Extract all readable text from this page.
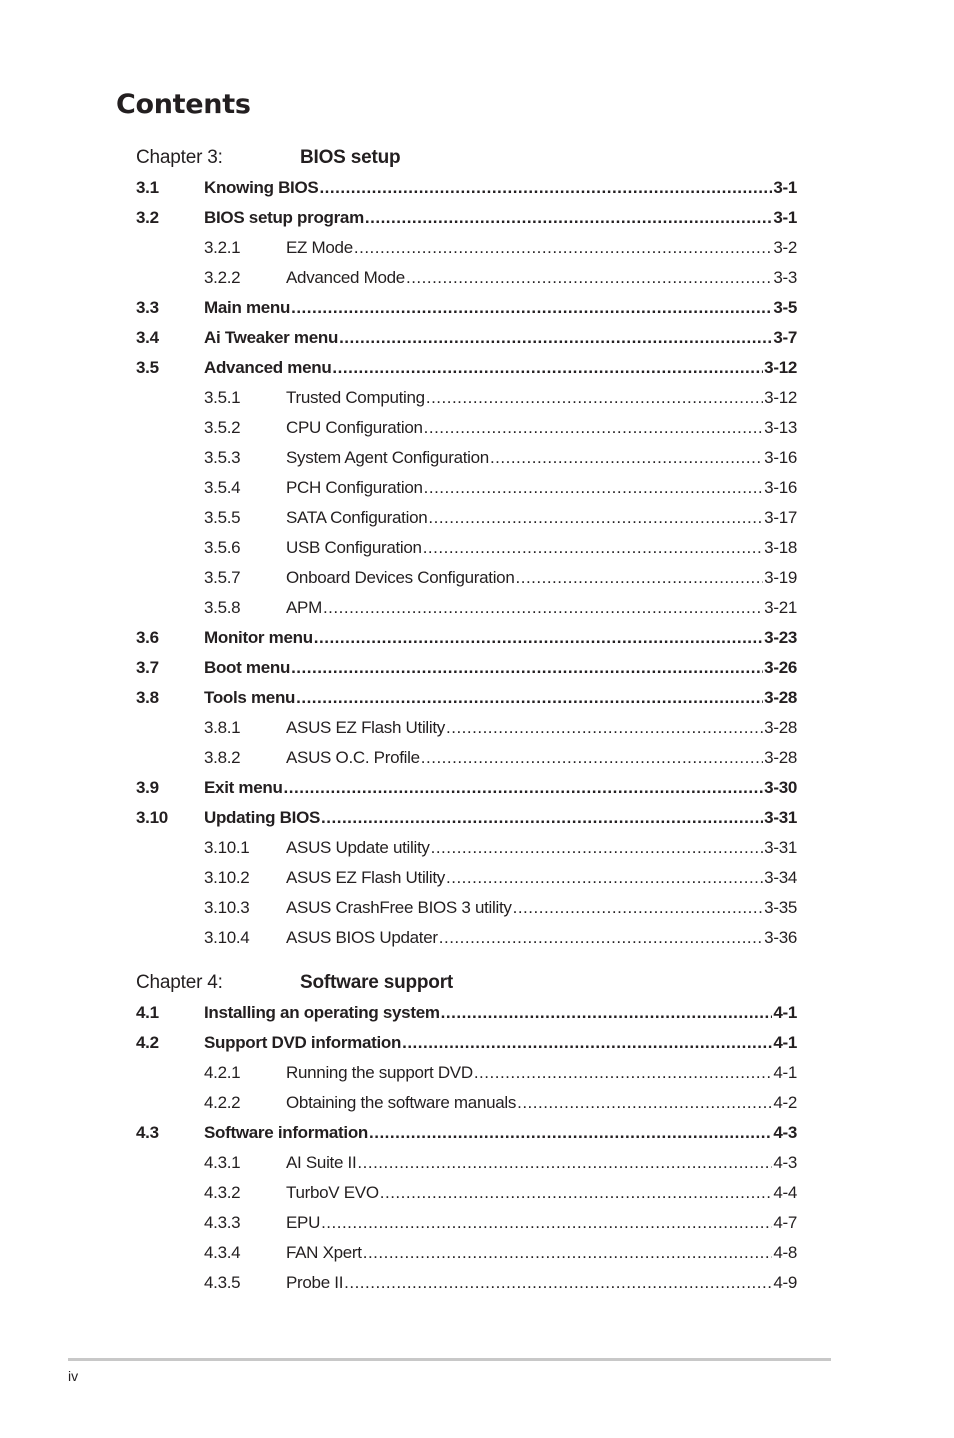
Contents
Chapter 3:	BIOS setup
3.1	Knowing BIOS .....	3-1
3.2	BIOS setup program .....	3-1
3.2.1	EZ Mode .....	3-2
3.2.2	Advanced Mode .....	3-3
3.3	Main menu .....	3-5
3.4	Ai Tweaker menu .....	3-7
3.5	Advanced menu .....	3-12
3.5.1	Trusted Computing .....	3-12
3.5.2	CPU Configuration .....	3-13
3.5.3	System Agent Configuration .....	3-16
3.5.4	PCH Configuration .....	3-16
3.5.5	SATA Configuration .....	3-17
3.5.6	USB Configuration .....	3-18
3.5.7	Onboard Devices Configuration .....	3-19
3.5.8	APM .....	3-21
3.6	Monitor menu .....	3-23
3.7	Boot menu .....	3-26
3.8	Tools menu .....	3-28
3.8.1	ASUS EZ Flash Utility .....	3-28
3.8.2	ASUS O.C. Profile .....	3-28
3.9	Exit menu .....	3-30
3.10	Updating BIOS .....	3-31
3.10.1	ASUS Update utility .....	3-31
3.10.2	ASUS EZ Flash Utility .....	3-34
3.10.3	ASUS CrashFree BIOS 3 utility .....	3-35
3.10.4	ASUS BIOS Updater .....	3-36
Chapter 4:	Software support
4.1	Installing an operating system .....	4-1
4.2	Support DVD information .....	4-1
4.2.1	Running the support DVD .....	4-1
4.2.2	Obtaining the software manuals .....	4-2
4.3	Software information .....	4-3
4.3.1	AI Suite II .....	4-3
4.3.2	TurboV EVO .....	4-4
4.3.3	EPU .....	4-7
4.3.4	FAN Xpert .....	4-8
4.3.5	Probe II .....	4-9
iv
